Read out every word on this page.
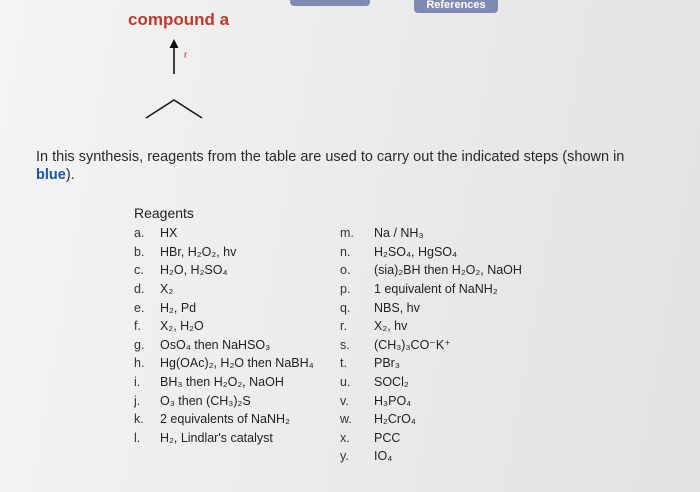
References
compound a
r
In this synthesis, reagents from the table are used to carry out the indicated steps (shown in blue).
Reagents
a.	HX
b.	HBr, H₂O₂, hv
c.	H₂O, H₂SO₄
d.	X₂
e.	H₂, Pd
f.	X₂, H₂O
g.	OsO₄ then NaHSO₃
h.	Hg(OAc)₂, H₂O then NaBH₄
i.	BH₃ then H₂O₂, NaOH
j.	O₃ then (CH₃)₂S
k.	2 equivalents of NaNH₂
l.	H₂, Lindlar's catalyst
m.	Na / NH₃
n.	H₂SO₄, HgSO₄
o.	(sia)₂BH then H₂O₂, NaOH
p.	1 equivalent of NaNH₂
q.	NBS, hv
r.	X₂, hv
s.	(CH₃)₃CO⁻K⁺
t.	PBr₃
u.	SOCl₂
v.	H₃PO₄
w.	H₂CrO₄
x.	PCC
y.	IO₄
